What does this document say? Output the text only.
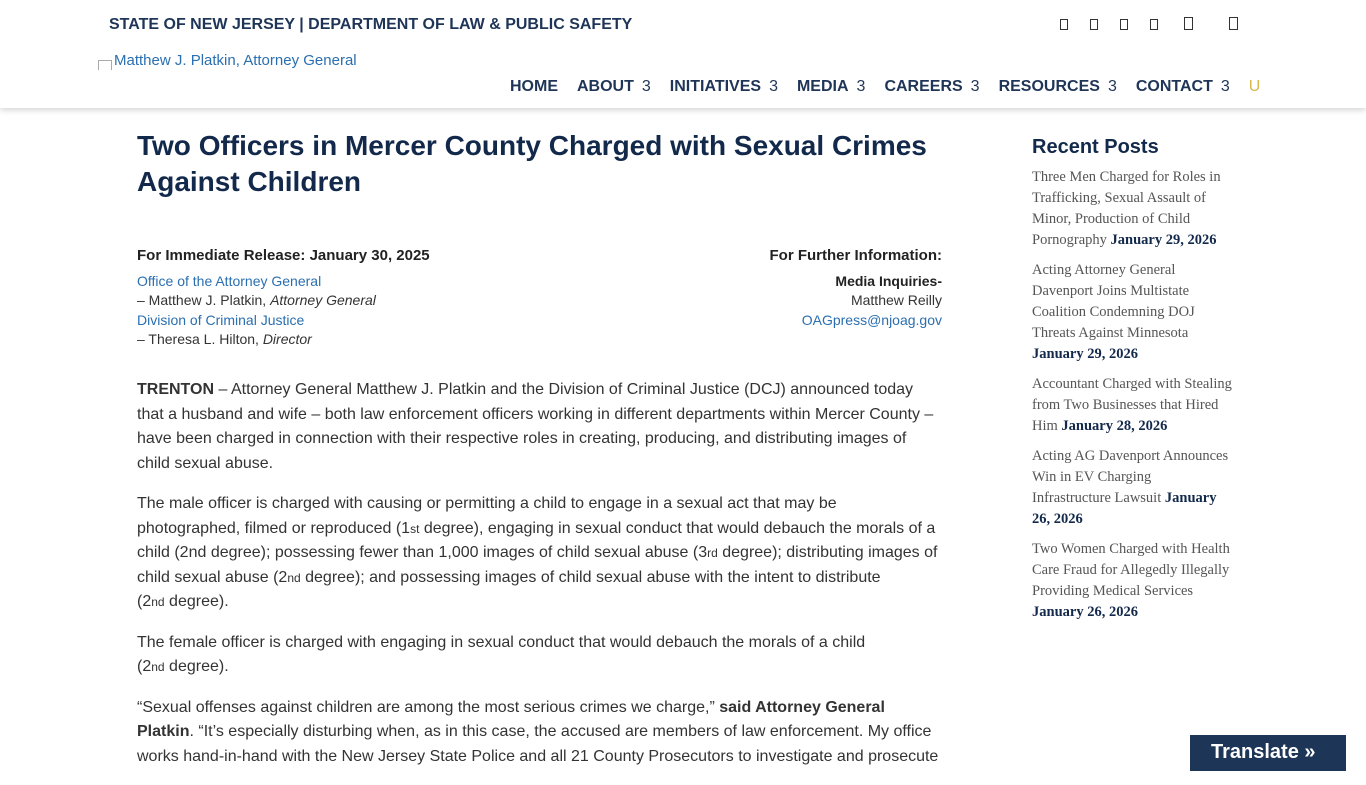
STATE OF NEW JERSEY | DEPARTMENT OF LAW & PUBLIC SAFETY
Matthew J. Platkin, Attorney General
HOME ABOUT 3 INITIATIVES 3 MEDIA 3 CAREERS 3 RESOURCES 3 CONTACT 3 U
Two Officers in Mercer County Charged with Sexual Crimes Against Children
For Immediate Release: January 30, 2025
Office of the Attorney General
– Matthew J. Platkin, Attorney General
Division of Criminal Justice
– Theresa L. Hilton, Director
For Further Information:
Media Inquiries-
Matthew Reilly
OAGpress@njoag.gov

TRENTON – Attorney General Matthew J. Platkin and the Division of Criminal Justice (DCJ) announced today that a husband and wife – both law enforcement officers working in different departments within Mercer County – have been charged in connection with their respective roles in creating, producing, and distributing images of child sexual abuse.

The male officer is charged with causing or permitting a child to engage in a sexual act that may be photographed, filmed or reproduced (1st degree), engaging in sexual conduct that would debauch the morals of a child (2nd degree); possessing fewer than 1,000 images of child sexual abuse (3rd degree); distributing images of child sexual abuse (2nd degree); and possessing images of child sexual abuse with the intent to distribute
(2nd degree).

The female officer is charged with engaging in sexual conduct that would debauch the morals of a child
(2nd degree).

“Sexual offenses against children are among the most serious crimes we charge,” said Attorney General Platkin. “It’s especially disturbing when, as in this case, the accused are members of law enforcement. My office works hand-in-hand with the New Jersey State Police and all 21 County Prosecutors to investigate and prosecute

Recent Posts
Three Men Charged for Roles in Trafficking, Sexual Assault of Minor, Production of Child Pornography January 29, 2026
Acting Attorney General Davenport Joins Multistate Coalition Condemning DOJ Threats Against Minnesota January 29, 2026
Accountant Charged with Stealing from Two Businesses that Hired Him January 28, 2026
Acting AG Davenport Announces Win in EV Charging Infrastructure Lawsuit January 26, 2026
Two Women Charged with Health Care Fraud for Allegedly Illegally Providing Medical Services January 26, 2026
Translate »
